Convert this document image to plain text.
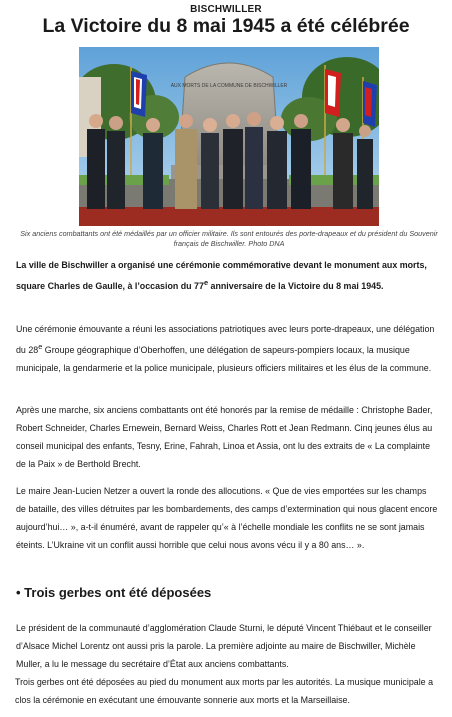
BISCHWILLER
La Victoire du 8 mai 1945 a été célébrée
AUX MORTS DE LA COMMUNE DE BISCHWILLER
Six anciens combattants ont été médaillés par un officier militaire. Ils sont entourés des porte-drapeaux et du président du Souvenir français de Bischwiller. Photo DNA

La ville de Bischwiller a organisé une cérémonie commémorative devant le monument aux morts, square Charles de Gaulle, à l’occasion du 77e anniversaire de la Victoire du 8 mai 1945.

Une cérémonie émouvante a réuni les associations patriotiques avec leurs porte-drapeaux, une délégation du 28e Groupe géographique d’Oberhoffen, une délégation de sapeurs-pompiers locaux, la musique municipale, la gendarmerie et la police municipale, plusieurs officiers militaires et les élus de la commune.

Après une marche, six anciens combattants ont été honorés par la remise de médaille : Christophe Bader, Robert Schneider, Charles Ernewein, Bernard Weiss, Charles Rott et Jean Redmann. Cinq jeunes élus au conseil municipal des enfants, Tesny, Erine, Fahrah, Linoa et Assia, ont lu des extraits de « La complainte de la Paix » de Berthold Brecht.

Le maire Jean-Lucien Netzer a ouvert la ronde des allocutions. « Que de vies emportées sur les champs de bataille, des villes détruites par les bombardements, des camps d’extermination qui nous glacent encore aujourd’hui… », a-t-il énuméré, avant de rappeler qu’« à l’échelle mondiale les conflits ne se sont jamais éteints. L’Ukraine vit un conflit aussi horrible que celui nous avons vécu il y a 80 ans… ».

• Trois gerbes ont été déposées

Le président de la communauté d’agglomération Claude Sturni, le député Vincent Thiébaut et le conseiller d’Alsace Michel Lorentz ont aussi pris la parole. La première adjointe au maire de Bischwiller, Michèle Muller, a lu le message du secrétaire d’État aux anciens combattants.

Trois gerbes ont été déposées au pied du monument aux morts par les autorités. La musique municipale a clos la cérémonie en exécutant une émouvante sonnerie aux morts et la Marseillaise.
